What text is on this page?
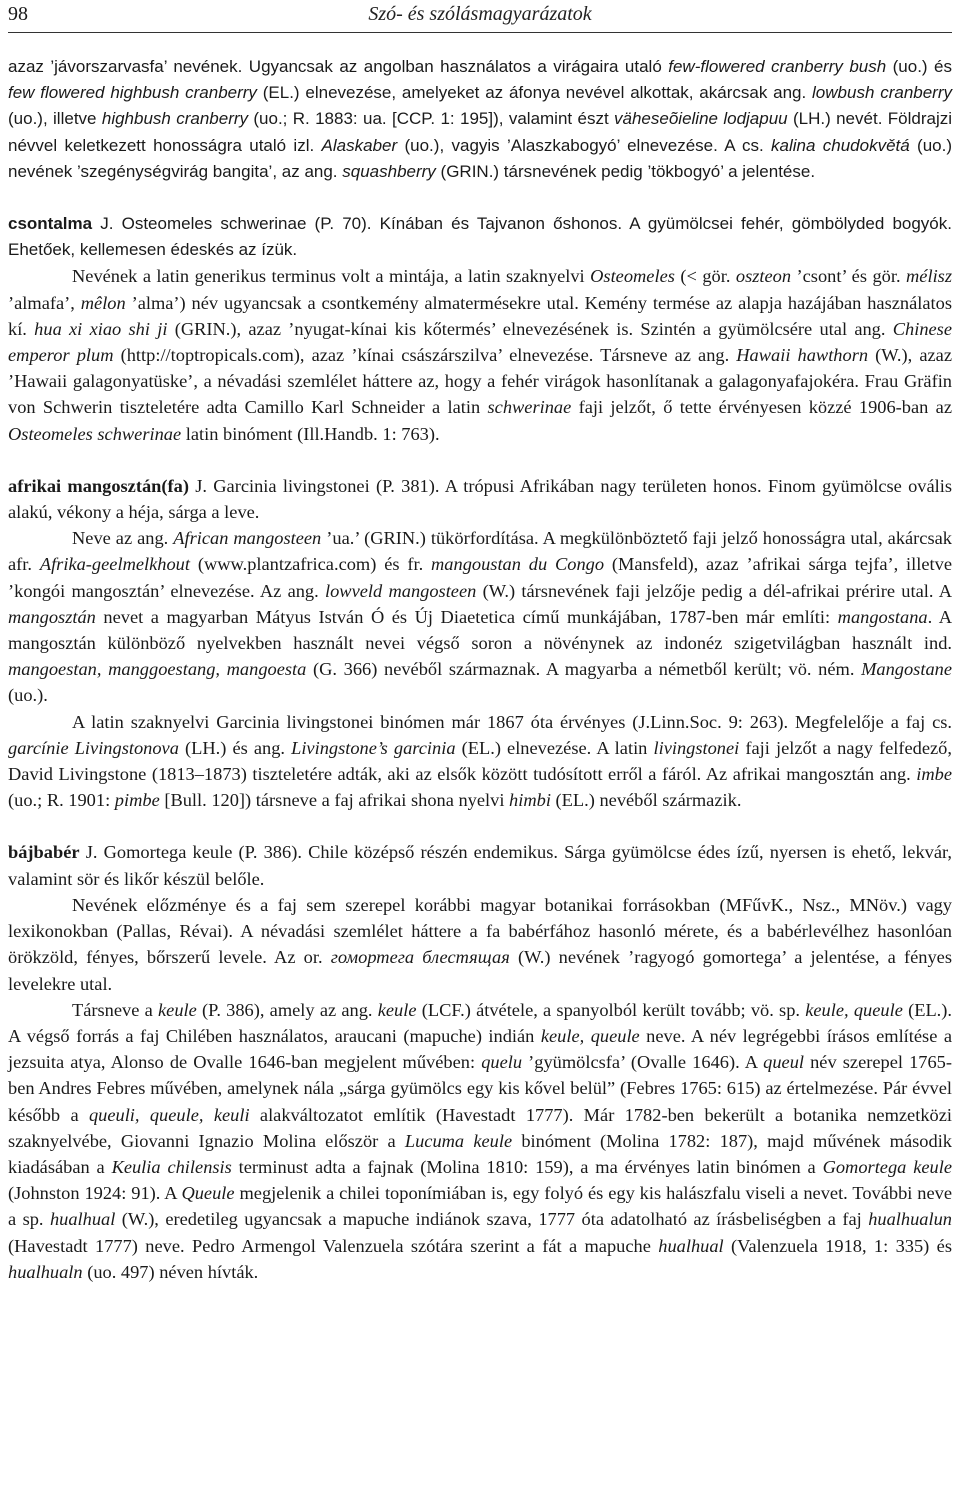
98	Szó- és szólásmagyarázatok

azaz ’jávorszarvasfa’ nevének. Ugyancsak az angolban használatos a virágaira utaló few-flowered cranberry bush (uo.) és few flowered highbush cranberry (EL.) elnevezése, amelyeket az áfonya nevével alkottak, akárcsak ang. lowbush cranberry (uo.), illetve highbush cranberry (uo.; R. 1883: ua. [CCP. 1: 195]), valamint észt väheseõieline lodjapuu (LH.) nevét. Földrajzi névvel keletkezett honosságra utaló izl. Alaskaber (uo.), vagyis ’Alaszkabogyó’ elnevezése. A cs. kalina chudokvětá (uo.) nevének ’szegénységvirág bangita’, az ang. squashberry (GRIN.) társnevének pedig ’tökbogyó’ a jelentése.

csontalma J. Osteomeles schwerinae (P. 70). Kínában és Tajvanon őshonos. A gyümölcsei fehér, gömbölyded bogyók. Ehetőek, kellemesen édeskés az ízük.

Nevének a latin generikus terminus volt a mintája, a latin szaknyelvi Osteomeles (< gör. oszteon ’csont’ és gör. mélisz ’almafa’, mêlon ’alma’) név ugyancsak a csontkemény almatermésekre utal. Kemény termése az alapja hazájában használatos kí. hua xi xiao shi ji (GRIN.), azaz ’nyugat-kínai kis kőtermés’ elnevezésének is. Szintén a gyümölcsére utal ang. Chinese emperor plum (http://toptropicals.com), azaz ’kínai császárszilva’ elnevezése. Társneve az ang. Hawaii hawthorn (W.), azaz ’Hawaii galagonyatüske’, a névadási szemlélet háttere az, hogy a fehér virágok hasonlítanak a galagonyafajokéra. Frau Gräfin von Schwerin tiszteletére adta Camillo Karl Schneider a latin schwerinae faji jelzőt, ő tette érvényesen közzé 1906-ban az Osteomeles schwerinae latin binóment (Ill.Handb. 1: 763).

afrikai mangosztán(fa) J. Garcinia livingstonei (P. 381). A trópusi Afrikában nagy területen honos. Finom gyümölcse ovális alakú, vékony a héja, sárga a leve.

Neve az ang. African mangosteen ’ua.’ (GRIN.) tükörfordítása. A megkülönböztető faji jelző honosságra utal, akárcsak afr. Afrika-geelmelkhout (www.plantzafrica.com) és fr. mangoustan du Congo (Mansfeld), azaz ’afrikai sárga tejfa’, illetve ’kongói mangosztán’ elnevezése. Az ang. lowveld mangosteen (W.) társnevének faji jelzője pedig a dél-afrikai prérire utal. A mangosztán nevet a magyarban Mátyus István Ó és Új Diaetetica című munkájában, 1787-ben már említi: mangostana. A mangosztán különböző nyelvekben használt nevei végső soron a növénynek az indonéz szigetvilágban használt ind. mangoestan, manggoestang, mangoesta (G. 366) nevéből származnak. A magyarba a németből került; vö. ném. Mangostane (uo.).

A latin szaknyelvi Garcinia livingstonei binómen már 1867 óta érvényes (J.Linn.Soc. 9: 263). Megfelelője a faj cs. garcínie Livingstonova (LH.) és ang. Livingstone’s garcinia (EL.) elnevezése. A latin livingstonei faji jelzőt a nagy felfedező, David Livingstone (1813–1873) tiszteletére adták, aki az elsők között tudósított erről a fáról. Az afrikai mangosztán ang. imbe (uo.; R. 1901: pimbe [Bull. 120]) társneve a faj afrikai shona nyelvi himbi (EL.) nevéből származik.

bájbabér J. Gomortega keule (P. 386). Chile középső részén endemikus. Sárga gyümölcse édes ízű, nyersen is ehető, lekvár, valamint sör és likőr készül belőle.

Nevének előzménye és a faj sem szerepel korábbi magyar botanikai forrásokban (MFűvK., Nsz., MNöv.) vagy lexikonokban (Pallas, Révai). A névadási szemlélet háttere a fa babérfához hasonló mérete, és a babérlevélhez hasonlóan örökzöld, fényes, bőrszerű levele. Az or. гомортега блестящая (W.) nevének ’ragyogó gomortega’ a jelentése, a fényes levelekre utal.

Társneve a keule (P. 386), amely az ang. keule (LCF.) átvétele, a spanyolból került tovább; vö. sp. keule, queule (EL.). A végső forrás a faj Chilében használatos, araucani (mapuche) indián keule, queule neve. A név legrégebbi írásos említése a jezsuita atya, Alonso de Ovalle 1646-ban megjelent művében: quelu ’gyümölcsfa’ (Ovalle 1646). A queul név szerepel 1765-ben Andres Febres művében, amelynek nála „sárga gyümölcs egy kis kővel belül” (Febres 1765: 615) az értelmezése. Pár évvel később a queuli, queule, keuli alakváltozatot említik (Havestadt 1777). Már 1782-ben bekerült a botanika nemzetközi szaknyelvébe, Giovanni Ignazio Molina először a Lucuma keule binóment (Molina 1782: 187), majd művének második kiadásában a Keulia chilensis terminust adta a fajnak (Molina 1810: 159), a ma érvényes latin binómen a Gomortega keule (Johnston 1924: 91). A Queule megjelenik a chilei toponímiában is, egy folyó és egy kis halászfalu viseli a nevet. További neve a sp. hualhual (W.), eredetileg ugyancsak a mapuche indiánok szava, 1777 óta adatolható az írásbeliségben a faj hualhualun (Havestadt 1777) neve. Pedro Armengol Valenzuela szótára szerint a fát a mapuche hualhual (Valenzuela 1918, 1: 335) és hualhualn (uo. 497) néven hívták.
